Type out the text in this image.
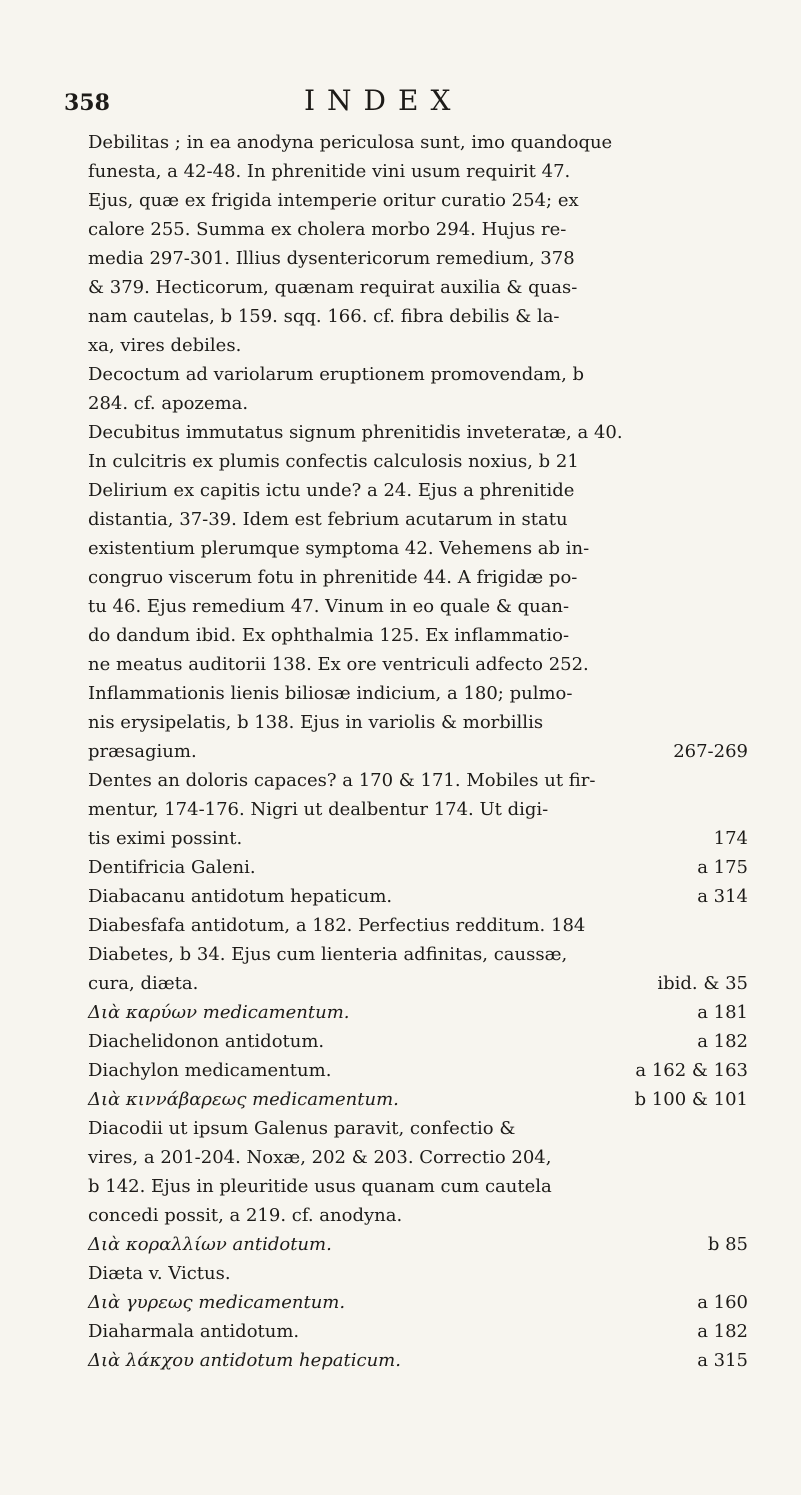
358	INDEX

Debilitas ; in ea anodyna periculosa sunt, imo quandoque
funesta, a 42-48. In phrenitide vini usum requirit 47.
Ejus, quæ ex frigida intemperie oritur curatio 254; ex
calore 255. Summa ex cholera morbo 294. Hujus re-
media 297-301. Illius dysentericorum remedium, 378
& 379. Hecticorum, quænam requirat auxilia & quas-
nam cautelas, b 159. sqq. 166. cf. fibra debilis & la-
xa, vires debiles.

Decoctum ad variolarum eruptionem promovendam, b
284. cf. apozema.

Decubitus immutatus signum phrenitidis inveteratæ, a 40.
In culcitris ex plumis confectis calculosis noxius, b 21

Delirium ex capitis ictu unde? a 24. Ejus a phrenitide
distantia, 37-39. Idem est febrium acutarum in statu
existentium plerumque symptoma 42. Vehemens ab in-
congruo viscerum fotu in phrenitide 44. A frigidæ po-
tu 46. Ejus remedium 47. Vinum in eo quale & quan-
do dandum ibid. Ex ophthalmia 125. Ex inflammatio-
ne meatus auditorii 138. Ex ore ventriculi adfecto 252.
Inflammationis lienis biliosæ indicium, a 180; pulmo-
nis erysipelatis, b 138. Ejus in variolis & morbillis
præsagium.	267-269

Dentes an doloris capaces? a 170 & 171. Mobiles ut fir-
mentur, 174-176. Nigri ut dealbentur 174. Ut digi-
tis eximi possint.	174

Dentifricia Galeni.	a 175

Diabacanu antidotum hepaticum.	a 314

Diabesfafa antidotum, a 182. Perfectius redditum. 184

Diabetes, b 34. Ejus cum lienteria adfinitas, caussæ,
cura, diæta.	ibid. & 35

Διὰ καρύων medicamentum.	a 181

Diachelidonon antidotum.	a 182

Diachylon medicamentum.	a 162 & 163

Διὰ κιννάβαρεως medicamentum.	b 100 & 101

Diacodii ut ipsum Galenus paravit, confectio &
vires, a 201-204. Noxæ, 202 & 203. Correctio 204,
b 142. Ejus in pleuritide usus quanam cum cautela
concedi possit, a 219. cf. anodyna.

Διὰ κοραλλίων antidotum.	b 85

Diæta v. Victus.

Διὰ γυρεως medicamentum.	a 160

Diaharmala antidotum.	a 182

Διὰ λάκχου antidotum hepaticum.	a 315
